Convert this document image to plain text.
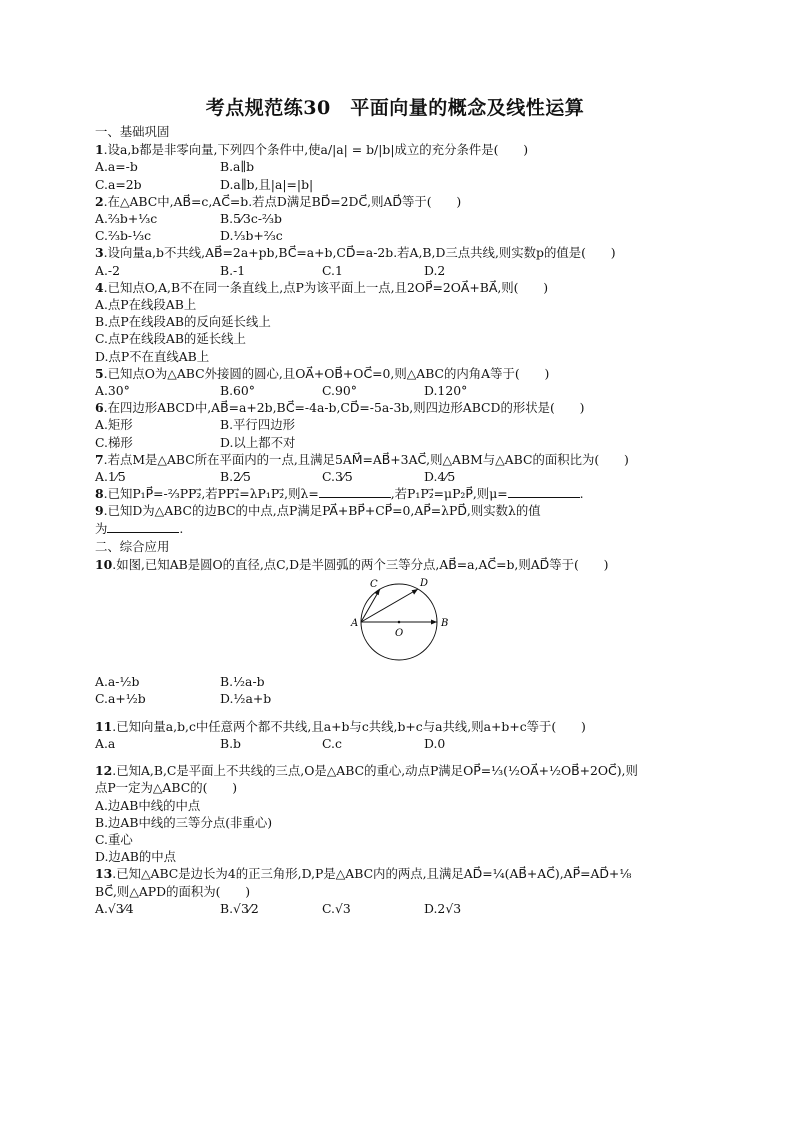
考点规范练30　平面向量的概念及线性运算
一、基础巩固
1.设a,b都是非零向量,下列四个条件中,使a/|a| = b/|b|成立的充分条件是(　　)
A.a=-b	B.a∥b
C.a=2b	D.a∥b,且|a|=|b|
2.在△ABC中,AB⃗=c,AC⃗=b.若点D满足BD⃗=2DC⃗,则AD⃗等于(　　)
A.⅔b+⅓c	B.5⁄3c-⅔b
C.⅔b-⅓c	D.⅓b+⅔c
3.设向量a,b不共线,AB⃗=2a+pb,BC⃗=a+b,CD⃗=a-2b.若A,B,D三点共线,则实数p的值是(　　)
A.-2	B.-1	C.1	D.2
4.已知点O,A,B不在同一条直线上,点P为该平面上一点,且2OP⃗=2OA⃗+BA⃗,则(　　)
A.点P在线段AB上
B.点P在线段AB的反向延长线上
C.点P在线段AB的延长线上
D.点P不在直线AB上
5.已知点O为△ABC外接圆的圆心,且OA⃗+OB⃗+OC⃗=0,则△ABC的内角A等于(　　)
A.30°	B.60°	C.90°	D.120°
6.在四边形ABCD中,AB⃗=a+2b,BC⃗=-4a-b,CD⃗=-5a-3b,则四边形ABCD的形状是(　　)
A.矩形	B.平行四边形
C.梯形	D.以上都不对
7.若点M是△ABC所在平面内的一点,且满足5AM⃗=AB⃗+3AC⃗,则△ABM与△ABC的面积比为(　　)
A.1⁄5	B.2⁄5	C.3⁄5	D.4⁄5
8.已知P₁P⃗=-⅔PP₂⃗,若PP₁⃗=λP₁P₂⃗,则λ=	,若P₁P₂⃗=μP₂P⃗,则μ=	.
9.已知D为△ABC的边BC的中点,点P满足PA⃗+BP⃗+CP⃗=0,AP⃗=λPD⃗,则实数λ的值
为	.
二、综合应用
10.如图,已知AB是圆O的直径,点C,D是半圆弧的两个三等分点,AB⃗=a,AC⃗=b,则AD⃗等于(　　)
A	B
C	D
O
A.a-½b	B.½a-b
C.a+½b	D.½a+b
11.已知向量a,b,c中任意两个都不共线,且a+b与c共线,b+c与a共线,则a+b+c等于(　　)
A.a	B.b	C.c	D.0
12.已知A,B,C是平面上不共线的三点,O是△ABC的重心,动点P满足OP⃗=⅓(½OA⃗+½OB⃗+2OC⃗),则
点P一定为△ABC的(　　)
A.边AB中线的中点
B.边AB中线的三等分点(非重心)
C.重心
D.边AB的中点
13.已知△ABC是边长为4的正三角形,D,P是△ABC内的两点,且满足AD⃗=¼(AB⃗+AC⃗),AP⃗=AD⃗+⅛
BC⃗,则△APD的面积为(　　)
A.√3⁄4	B.√3⁄2	C.√3	D.2√3
